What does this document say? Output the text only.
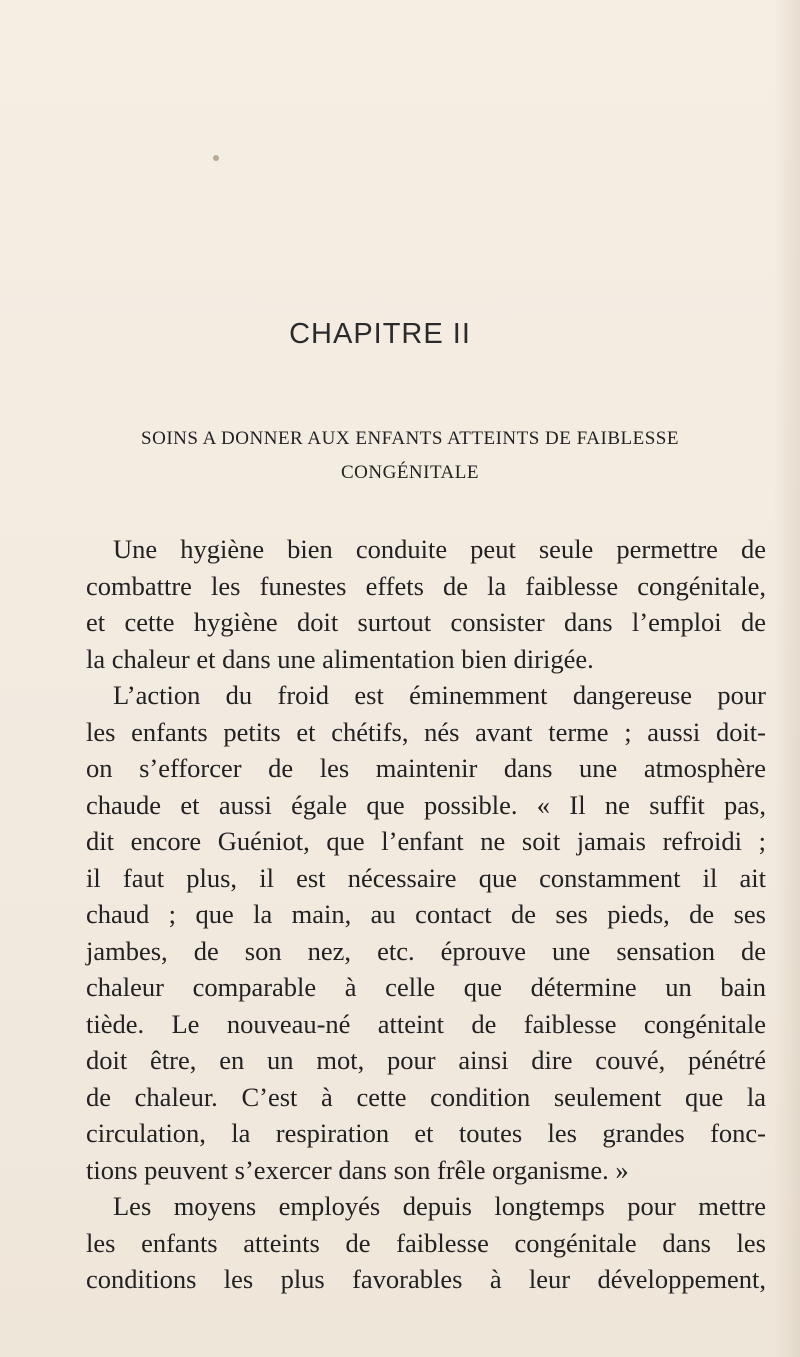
CHAPITRE II
SOINS A DONNER AUX ENFANTS ATTEINTS DE FAIBLESSE
CONGÉNITALE
Une hygiène bien conduite peut seule permettre de
combattre les funestes effets de la faiblesse congénitale,
et cette hygiène doit surtout consister dans l’emploi de
la chaleur et dans une alimentation bien dirigée.
L’action du froid est éminemment dangereuse pour
les enfants petits et chétifs, nés avant terme ; aussi doit-
on s’efforcer de les maintenir dans une atmosphère
chaude et aussi égale que possible. « Il ne suffit pas,
dit encore Guéniot, que l’enfant ne soit jamais refroidi ;
il faut plus, il est nécessaire que constamment il ait
chaud ; que la main, au contact de ses pieds, de ses
jambes, de son nez, etc. éprouve une sensation de
chaleur comparable à celle que détermine un bain
tiède. Le nouveau-né atteint de faiblesse congénitale
doit être, en un mot, pour ainsi dire couvé, pénétré
de chaleur. C’est à cette condition seulement que la
circulation, la respiration et toutes les grandes fonc-
tions peuvent s’exercer dans son frêle organisme. »
Les moyens employés depuis longtemps pour mettre
les enfants atteints de faiblesse congénitale dans les
conditions les plus favorables à leur développement,
